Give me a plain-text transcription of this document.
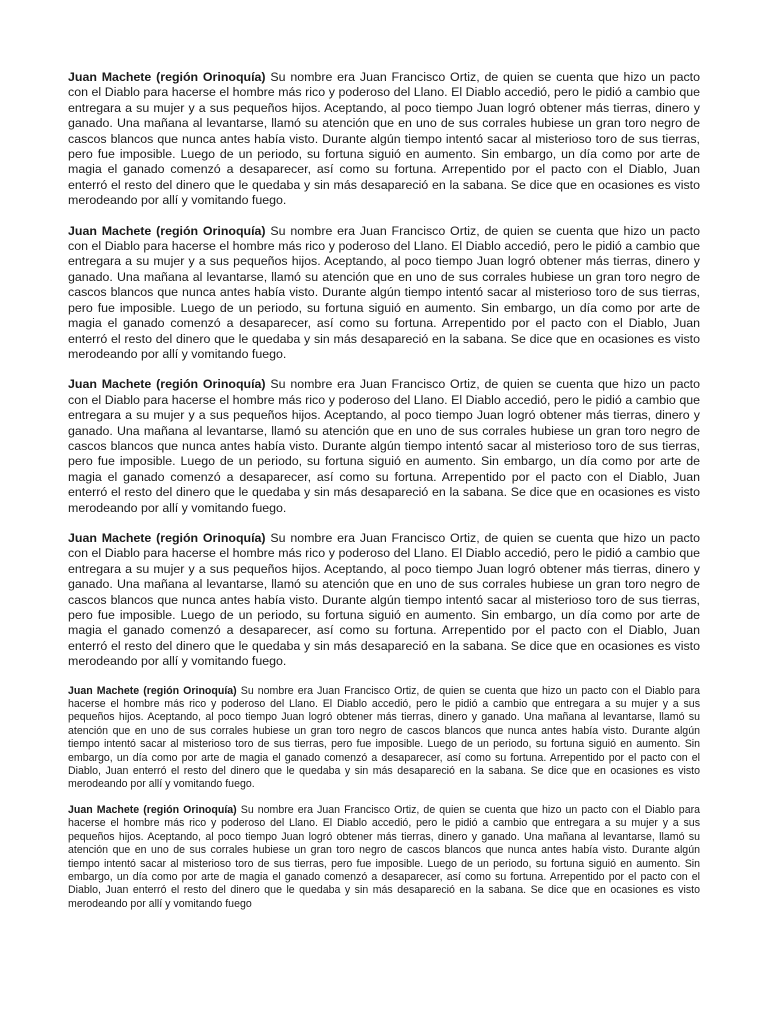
Juan Machete (región Orinoquía) Su nombre era Juan Francisco Ortiz, de quien se cuenta que hizo un pacto con el Diablo para hacerse el hombre más rico y poderoso del Llano. El Diablo accedió, pero le pidió a cambio que entregara a su mujer y a sus pequeños hijos. Aceptando, al poco tiempo Juan logró obtener más tierras, dinero y ganado. Una mañana al levantarse, llamó su atención que en uno de sus corrales hubiese un gran toro negro de cascos blancos que nunca antes había visto. Durante algún tiempo intentó sacar al misterioso toro de sus tierras, pero fue imposible. Luego de un periodo, su fortuna siguió en aumento. Sin embargo, un día como por arte de magia el ganado comenzó a desaparecer, así como su fortuna. Arrepentido por el pacto con el Diablo, Juan enterró el resto del dinero que le quedaba y sin más desapareció en la sabana. Se dice que en ocasiones es visto merodeando por allí y vomitando fuego.

Juan Machete (región Orinoquía) Su nombre era Juan Francisco Ortiz, de quien se cuenta que hizo un pacto con el Diablo para hacerse el hombre más rico y poderoso del Llano. El Diablo accedió, pero le pidió a cambio que entregara a su mujer y a sus pequeños hijos. Aceptando, al poco tiempo Juan logró obtener más tierras, dinero y ganado. Una mañana al levantarse, llamó su atención que en uno de sus corrales hubiese un gran toro negro de cascos blancos que nunca antes había visto. Durante algún tiempo intentó sacar al misterioso toro de sus tierras, pero fue imposible. Luego de un periodo, su fortuna siguió en aumento. Sin embargo, un día como por arte de magia el ganado comenzó a desaparecer, así como su fortuna. Arrepentido por el pacto con el Diablo, Juan enterró el resto del dinero que le quedaba y sin más desapareció en la sabana. Se dice que en ocasiones es visto merodeando por allí y vomitando fuego.

Juan Machete (región Orinoquía) Su nombre era Juan Francisco Ortiz, de quien se cuenta que hizo un pacto con el Diablo para hacerse el hombre más rico y poderoso del Llano. El Diablo accedió, pero le pidió a cambio que entregara a su mujer y a sus pequeños hijos. Aceptando, al poco tiempo Juan logró obtener más tierras, dinero y ganado. Una mañana al levantarse, llamó su atención que en uno de sus corrales hubiese un gran toro negro de cascos blancos que nunca antes había visto. Durante algún tiempo intentó sacar al misterioso toro de sus tierras, pero fue imposible. Luego de un periodo, su fortuna siguió en aumento. Sin embargo, un día como por arte de magia el ganado comenzó a desaparecer, así como su fortuna. Arrepentido por el pacto con el Diablo, Juan enterró el resto del dinero que le quedaba y sin más desapareció en la sabana. Se dice que en ocasiones es visto merodeando por allí y vomitando fuego.

Juan Machete (región Orinoquía) Su nombre era Juan Francisco Ortiz, de quien se cuenta que hizo un pacto con el Diablo para hacerse el hombre más rico y poderoso del Llano. El Diablo accedió, pero le pidió a cambio que entregara a su mujer y a sus pequeños hijos. Aceptando, al poco tiempo Juan logró obtener más tierras, dinero y ganado. Una mañana al levantarse, llamó su atención que en uno de sus corrales hubiese un gran toro negro de cascos blancos que nunca antes había visto. Durante algún tiempo intentó sacar al misterioso toro de sus tierras, pero fue imposible. Luego de un periodo, su fortuna siguió en aumento. Sin embargo, un día como por arte de magia el ganado comenzó a desaparecer, así como su fortuna. Arrepentido por el pacto con el Diablo, Juan enterró el resto del dinero que le quedaba y sin más desapareció en la sabana. Se dice que en ocasiones es visto merodeando por allí y vomitando fuego.

Juan Machete (región Orinoquía) Su nombre era Juan Francisco Ortiz, de quien se cuenta que hizo un pacto con el Diablo para hacerse el hombre más rico y poderoso del Llano. El Diablo accedió, pero le pidió a cambio que entregara a su mujer y a sus pequeños hijos. Aceptando, al poco tiempo Juan logró obtener más tierras, dinero y ganado. Una mañana al levantarse, llamó su atención que en uno de sus corrales hubiese un gran toro negro de cascos blancos que nunca antes había visto. Durante algún tiempo intentó sacar al misterioso toro de sus tierras, pero fue imposible. Luego de un periodo, su fortuna siguió en aumento. Sin embargo, un día como por arte de magia el ganado comenzó a desaparecer, así como su fortuna. Arrepentido por el pacto con el Diablo, Juan enterró el resto del dinero que le quedaba y sin más desapareció en la sabana. Se dice que en ocasiones es visto merodeando por allí y vomitando fuego.

Juan Machete (región Orinoquía) Su nombre era Juan Francisco Ortiz, de quien se cuenta que hizo un pacto con el Diablo para hacerse el hombre más rico y poderoso del Llano. El Diablo accedió, pero le pidió a cambio que entregara a su mujer y a sus pequeños hijos. Aceptando, al poco tiempo Juan logró obtener más tierras, dinero y ganado. Una mañana al levantarse, llamó su atención que en uno de sus corrales hubiese un gran toro negro de cascos blancos que nunca antes había visto. Durante algún tiempo intentó sacar al misterioso toro de sus tierras, pero fue imposible. Luego de un periodo, su fortuna siguió en aumento. Sin embargo, un día como por arte de magia el ganado comenzó a desaparecer, así como su fortuna. Arrepentido por el pacto con el Diablo, Juan enterró el resto del dinero que le quedaba y sin más desapareció en la sabana. Se dice que en ocasiones es visto merodeando por allí y vomitando fuego
